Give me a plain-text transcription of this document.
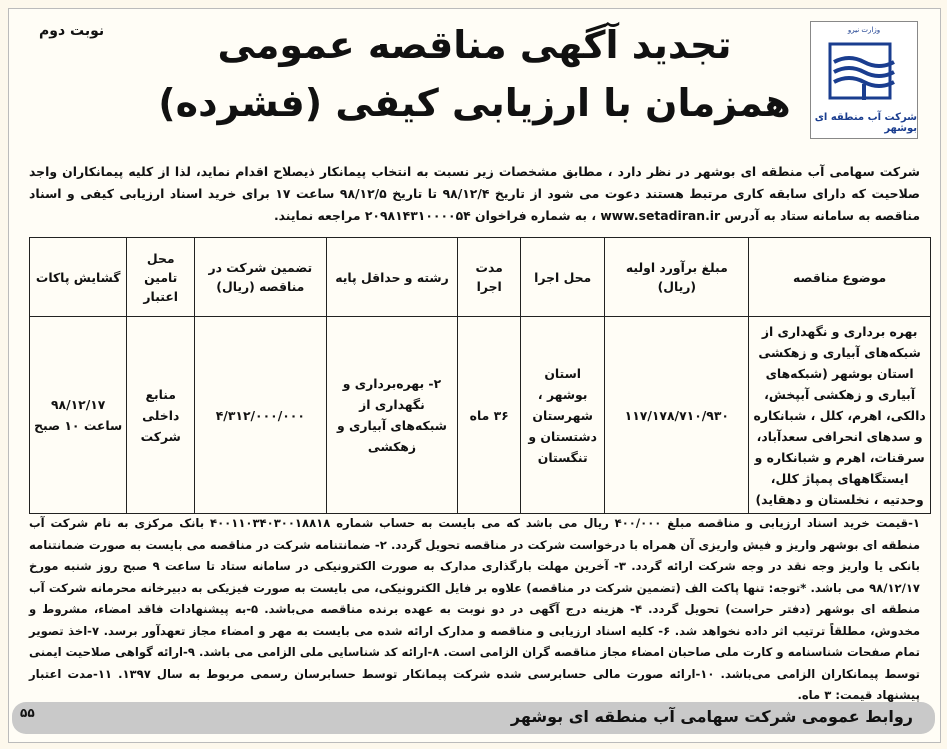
نوبت دوم	تجدید آگهی مناقصه عمومی
همزمان با ارزیابی کیفی (فشرده)
وزارت نیرو
شرکت آب منطقه ای بوشهر
شرکت سهامی آب منطقه ای بوشهر در نظر دارد ، مطابق مشخصات زیر نسبت به انتخاب پیمانکار ذیصلاح اقدام نماید، لذا از کلیه پیمانکاران واجد صلاحیت که دارای سابقه کاری مرتبط هستند دعوت می شود از تاریخ ۹۸/۱۲/۴ تا تاریخ ۹۸/۱۲/۵ ساعت ۱۷ برای خرید اسناد ارزیابی کیفی و اسناد مناقصه به سامانه ستاد به آدرس www.setadiran.ir ، به شماره فراخوان ۲۰۹۸۱۴۳۱۰۰۰۰۵۴ مراجعه نمایند.
موضوع مناقصه	مبلغ برآورد اولیه (ریال)	محل اجرا	مدت اجرا	رشته و حداقل پایه	تضمین شرکت در مناقصه (ریال)	محل تامین اعتبار	گشایش پاکات
بهره برداری و نگهداری از شبکه‌های آبیاری و زهکشی استان بوشهر (شبکه‌های آبیاری و زهکشی آبپخش، دالکی، اهرم، کلل ، شبانکاره و سدهای انحرافی سعدآباد، سرقنات، اهرم و شبانکاره و ایستگاههای پمپاژ کلل، وحدتیه ، نخلستان و دهقاید)	۱۱۷/۱۷۸/۷۱۰/۹۳۰	استان بوشهر ، شهرستان دشتستان و تنگستان	۳۶ ماه	۲- بهره‌برداری و نگهداری از شبکه‌های آبیاری و زهکشی	۴/۳۱۲/۰۰۰/۰۰۰	منابع داخلی شرکت	۹۸/۱۲/۱۷ ساعت ۱۰ صبح
۱-قیمت خرید اسناد ارزیابی و مناقصه مبلغ ۴۰۰/۰۰۰ ریال می باشد که می بایست به حساب شماره ۴۰۰۱۱۰۳۴۰۳۰۰۱۸۸۱۸ بانک مرکزی به نام شرکت آب منطقه ای بوشهر واریز و فیش واریزی آن همراه با درخواست شرکت در مناقصه تحویل گردد. ۲- ضمانتنامه شرکت در مناقصه می بایست به صورت ضمانتنامه بانکی یا واریز وجه نقد در وجه شرکت ارائه گردد. ۳- آخرین مهلت بارگذاری مدارک به صورت الکترونیکی در سامانه ستاد تا ساعت ۹ صبح روز شنبه مورخ ۹۸/۱۲/۱۷ می باشد. *توجه: تنها پاکت الف (تضمین شرکت در مناقصه) علاوه بر فایل الکترونیکی، می بایست به صورت فیزیکی به دبیرخانه محرمانه شرکت آب منطقه ای بوشهر (دفتر حراست) تحویل گردد. ۴- هزینه درج آگهی در دو نوبت به عهده برنده مناقصه می‌باشد. ۵-به پیشنهادات فاقد امضاء، مشروط و مخدوش، مطلقاً ترتیب اثر داده نخواهد شد. ۶- کلیه اسناد ارزیابی و مناقصه و مدارک ارائه شده می بایست به مهر و امضاء مجاز تعهدآور برسد. ۷-اخذ تصویر تمام صفحات شناسنامه و کارت ملی صاحبان امضاء مجاز مناقصه گران الزامی است. ۸-ارائه کد شناسایی ملی الزامی می باشد. ۹-ارائه گواهی صلاحیت ایمنی توسط پیمانکاران الزامی می‌باشد. ۱۰-ارائه صورت مالی حسابرسی شده شرکت پیمانکار توسط حسابرسان رسمی مربوط به سال ۱۳۹۷. ۱۱-مدت اعتبار پیشنهاد قیمت: ۳ ماه.
روابط عمومی شرکت سهامی آب منطقه ای بوشهر
۵۵
